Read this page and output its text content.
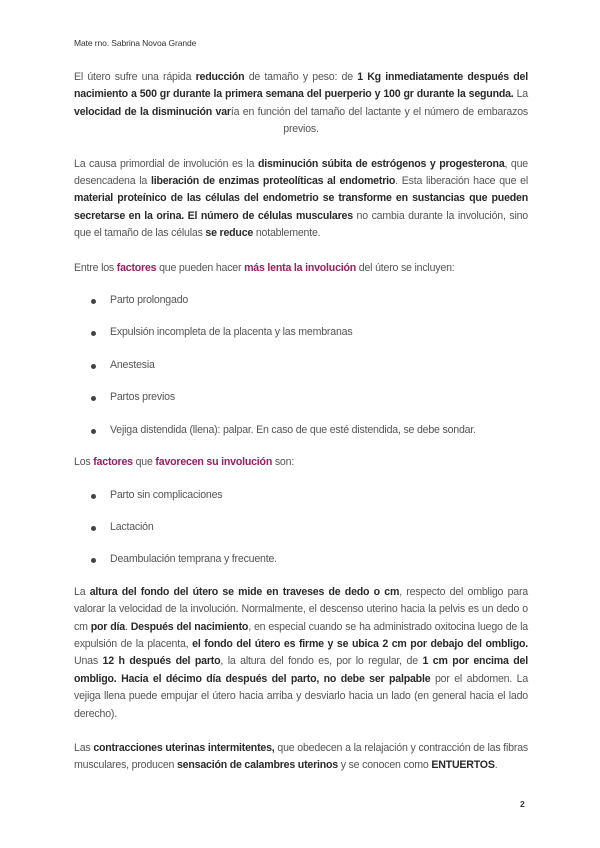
Mate rno. Sabrina Novoa Grande

El útero sufre una rápida reducción de tamaño y peso: de 1 Kg inmediatamente después del nacimiento a 500 gr durante la primera semana del puerperio y 100 gr durante la segunda. La velocidad de la disminución varía en función del tamaño del lactante y el número de embarazos previos.

La causa primordial de involución es la disminución súbita de estrógenos y progesterona, que desencadena la liberación de enzimas proteolíticas al endometrio. Esta liberación hace que el material proteínico de las células del endometrio se transforme en sustancias que pueden secretarse en la orina. El número de células musculares no cambia durante la involución, sino que el tamaño de las células se reduce notablemente.

Entre los factores que pueden hacer más lenta la involución del útero se incluyen:

Parto prolongado
Expulsión incompleta de la placenta y las membranas
Anestesia
Partos previos
Vejiga distendida (llena): palpar. En caso de que esté distendida, se debe sondar.

Los factores que favorecen su involución son:

Parto sin complicaciones
Lactación
Deambulación temprana y frecuente.

La altura del fondo del útero se mide en traveses de dedo o cm, respecto del ombligo para valorar la velocidad de la involución. Normalmente, el descenso uterino hacia la pelvis es un dedo o cm por día. Después del nacimiento, en especial cuando se ha administrado oxitocina luego de la expulsión de la placenta, el fondo del útero es firme y se ubica 2 cm por debajo del ombligo. Unas 12 h después del parto, la altura del fondo es, por lo regular, de 1 cm por encima del ombligo. Hacia el décimo día después del parto, no debe ser palpable por el abdomen. La vejiga llena puede empujar el útero hacia arriba y desviarlo hacia un lado (en general hacia el lado derecho).

Las contracciones uterinas intermitentes, que obedecen a la relajación y contracción de las fibras musculares, producen sensación de calambres uterinos y se conocen como ENTUERTOS.

2
